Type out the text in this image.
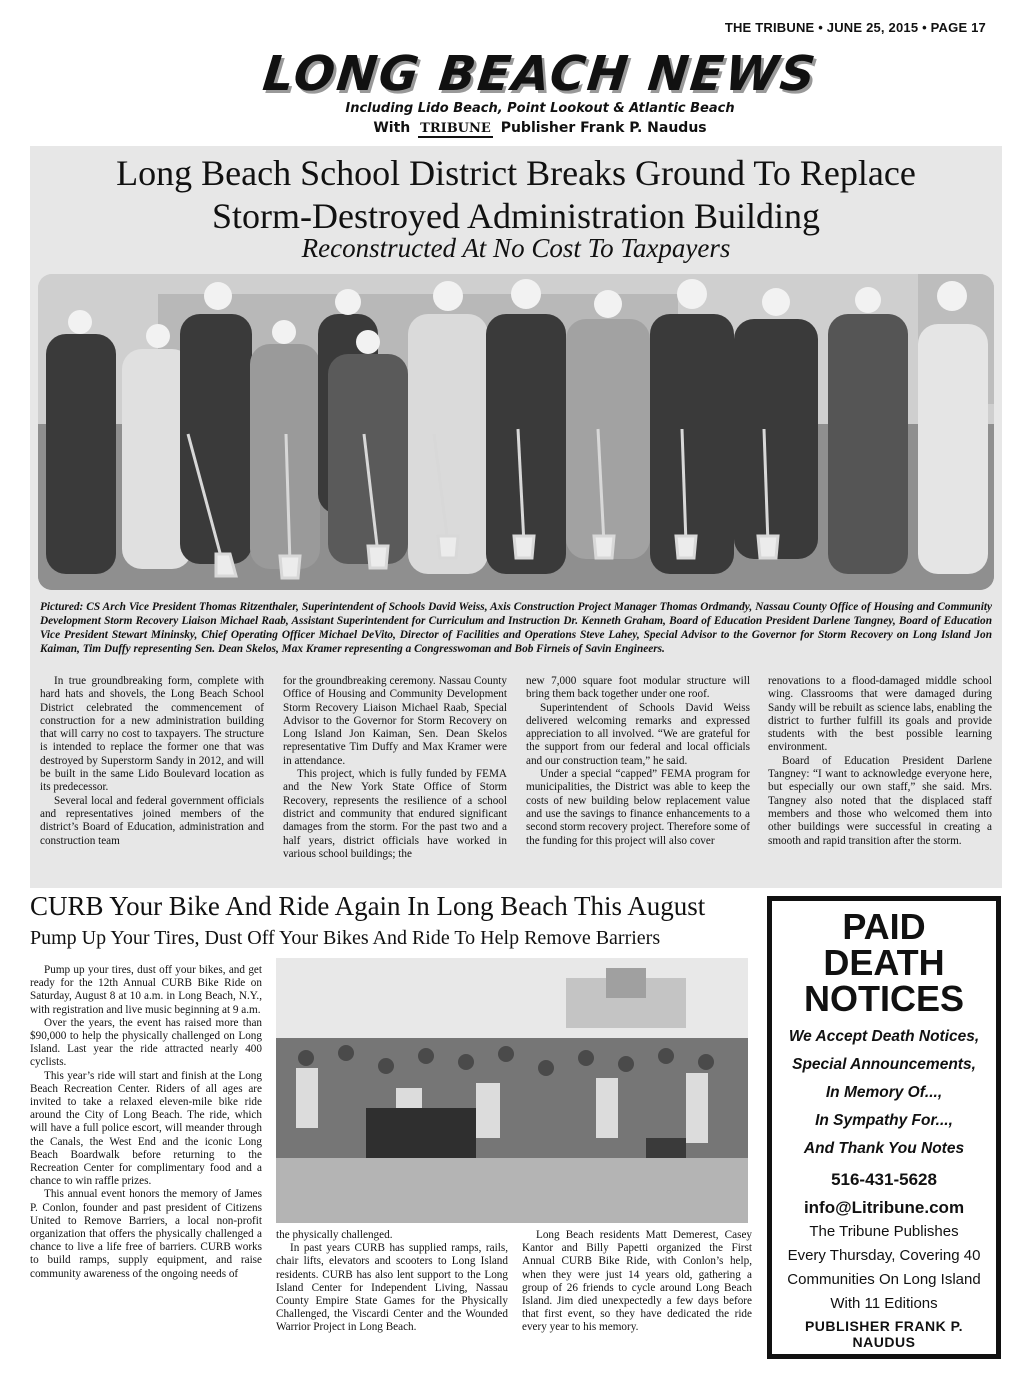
THE TRIBUNE • JUNE 25, 2015 • PAGE 17
LONG BEACH NEWS
Including Lido Beach, Point Lookout & Atlantic Beach
With TRIBUNE Publisher Frank P. Naudus
Long Beach School District Breaks Ground To Replace
Storm-Destroyed Administration Building
Reconstructed At No Cost To Taxpayers
Pictured: CS Arch Vice President Thomas Ritzenthaler, Superintendent of Schools David Weiss, Axis Construction Project Manager Thomas Ordmandy, Nassau County Office of Housing and Community Development Storm Recovery Liaison Michael Raab, Assistant Superintendent for Curriculum and Instruction Dr. Kenneth Graham, Board of Education President Darlene Tangney, Board of Education Vice President Stewart Mininsky, Chief Operating Officer Michael DeVito, Director of Facilities and Operations Steve Lahey, Special Advisor to the Governor for Storm Recovery on Long Island Jon Kaiman, Tim Duffy representing Sen. Dean Skelos, Max Kramer representing a Congresswoman and Bob Firneis of Savin Engineers.

In true groundbreaking form, complete with hard hats and shovels, the Long Beach School District celebrated the commencement of construction for a new administration building that will carry no cost to taxpayers. The structure is intended to replace the former one that was destroyed by Superstorm Sandy in 2012, and will be built in the same Lido Boulevard location as its predecessor.

Several local and federal government officials and representatives joined members of the district’s Board of Education, administration and construction team

for the groundbreaking ceremony. Nassau County Office of Housing and Community Development Storm Recovery Liaison Michael Raab, Special Advisor to the Governor for Storm Recovery on Long Island Jon Kaiman, Sen. Dean Skelos representative Tim Duffy and Max Kramer were in attendance.

This project, which is fully funded by FEMA and the New York State Office of Storm Recovery, represents the resilience of a school district and community that endured significant damages from the storm. For the past two and a half years, district officials have worked in various school buildings; the

new 7,000 square foot modular structure will bring them back together under one roof.

Superintendent of Schools David Weiss delivered welcoming remarks and expressed appreciation to all involved. “We are grateful for the support from our federal and local officials and our construction team,” he said.

Under a special “capped” FEMA program for municipalities, the District was able to keep the costs of new building below replacement value and use the savings to finance enhancements to a second storm recovery project. Therefore some of the funding for this project will also cover

renovations to a flood-damaged middle school wing. Classrooms that were damaged during Sandy will be rebuilt as science labs, enabling the district to further fulfill its goals and provide students with the best possible learning environment.

Board of Education President Darlene Tangney: “I want to acknowledge everyone here, but especially our own staff,” she said. Mrs. Tangney also noted that the displaced staff members and those who welcomed them into other buildings were successful in creating a smooth and rapid transition after the storm.

CURB Your Bike And Ride Again In Long Beach This August
Pump Up Your Tires, Dust Off Your Bikes And Ride To Help Remove Barriers

Pump up your tires, dust off your bikes, and get ready for the 12th Annual CURB Bike Ride on Saturday, August 8 at 10 a.m. in Long Beach, N.Y., with registration and live music beginning at 9 a.m.

Over the years, the event has raised more than $90,000 to help the physically challenged on Long Island. Last year the ride attracted nearly 400 cyclists.

This year’s ride will start and finish at the Long Beach Recreation Center. Riders of all ages are invited to take a relaxed eleven-mile bike ride around the City of Long Beach. The ride, which will have a full police escort, will meander through the Canals, the West End and the iconic Long Beach Boardwalk before returning to the Recreation Center for complimentary food and a chance to win raffle prizes.

This annual event honors the memory of James P. Conlon, founder and past president of Citizens United to Remove Barriers, a local non-profit organization that offers the physically challenged a chance to live a life free of barriers. CURB works to build ramps, supply equipment, and raise community awareness of the ongoing needs of

the physically challenged.

In past years CURB has supplied ramps, rails, chair lifts, elevators and scooters to Long Island residents. CURB has also lent support to the Long Island Center for Independent Living, Nassau County Empire State Games for the Physically Challenged, the Viscardi Center and the Wounded Warrior Project in Long Beach.

Long Beach residents Matt Demerest, Casey Kantor and Billy Papetti organized the First Annual CURB Bike Ride, with Conlon’s help, when they were just 14 years old, gathering a group of 26 friends to cycle around Long Beach Island. Jim died unexpectedly a few days before that first event, so they have dedicated the ride every year to his memory.

PAID
DEATH
NOTICES

We Accept Death Notices,

Special Announcements,

In Memory Of...,

In Sympathy For...,

And Thank You Notes

516-431-5628
info@Litribune.com

The Tribune Publishes

Every Thursday, Covering 40

Communities On Long Island

With 11 Editions

PUBLISHER FRANK P. NAUDUS
